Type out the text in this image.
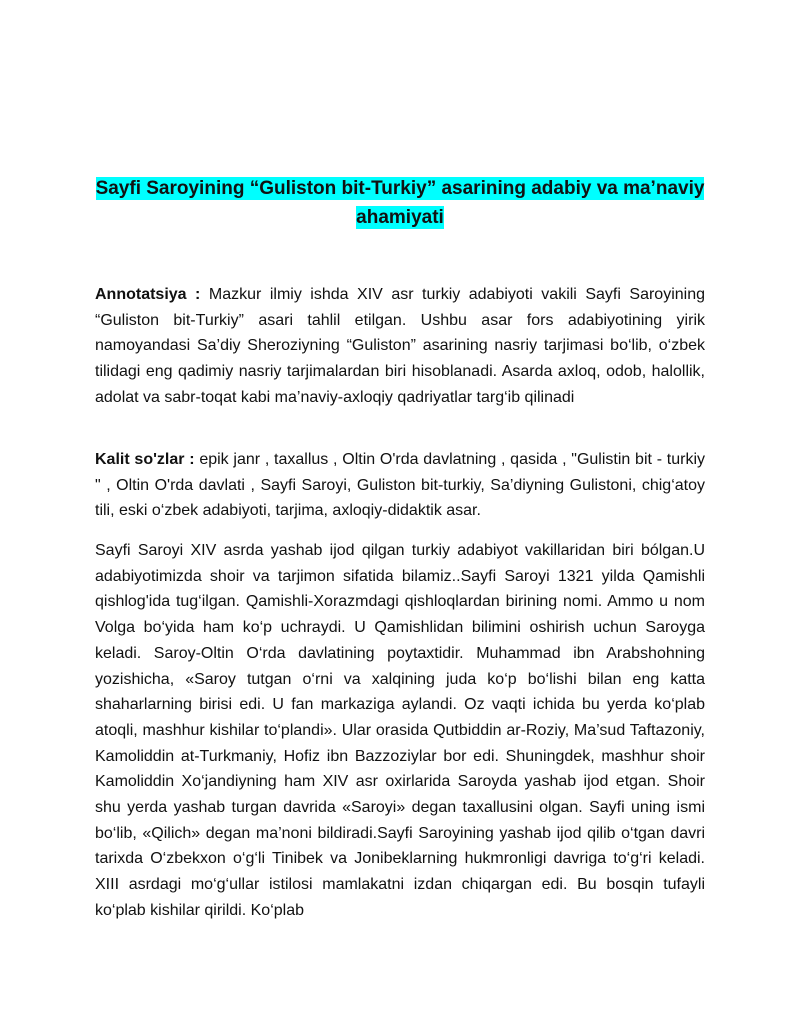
Sayfi Saroyining “Guliston bit-Turkiy” asarining adabiy va ma’naviy ahamiyati

Annotatsiya : Mazkur ilmiy ishda XIV asr turkiy adabiyoti vakili Sayfi Saroyining “Guliston bit-Turkiy” asari tahlil etilgan. Ushbu asar fors adabiyotining yirik namoyandasi Sa’diy Sheroziyning “Guliston” asarining nasriy tarjimasi bo‘lib, o‘zbek tilidagi eng qadimiy nasriy tarjimalardan biri hisoblanadi. Asarda axloq, odob, halollik, adolat va sabr-toqat kabi ma’naviy-axloqiy qadriyatlar targ‘ib qilinadi

Kalit so'zlar : epik janr , taxallus , Oltin O'rda davlatning , qasida , "Gulistin bit - turkiy " , Oltin O'rda davlati , Sayfi Saroyi, Guliston bit-turkiy, Sa’diyning Gulistoni, chig‘atoy tili, eski o‘zbek adabiyoti, tarjima, axloqiy-didaktik asar.

Sayfi Saroyi XIV asrda yashab ijod qilgan turkiy adabiyot vakillaridan biri bólgan.U adabiyotimizda shoir va tarjimon sifatida bilamiz..Sayfi Saroyi 1321 yilda Qamishli qishlog'ida tug‘ilgan. Qamishli-Xorazmdagi qishloqlardan birining nomi. Ammo u nom Volga bo‘yida ham ko‘p uchraydi. U Qamishlidan bilimini oshirish uchun Saroyga keladi. Saroy-Oltin O‘rda davlatining poytaxtidir. Muhammad ibn Arabshohning yozishicha, «Saroy tutgan o‘rni va xalqining juda ko‘p bo‘lishi bilan eng katta shaharlarning birisi edi. U fan markaziga aylandi. Oz vaqti ichida bu yerda ko‘plab atoqli, mashhur kishilar to‘plandi». Ular orasida Qutbiddin ar-Roziy, Ma’sud Taftazoniy, Kamoliddin at-Turkmaniy, Hofiz ibn Bazzoziylar bor edi. Shuningdek, mashhur shoir Kamoliddin Xo‘jandiyning ham XIV asr oxirlarida Saroyda yashab ijod etgan. Shoir shu yerda yashab turgan davrida «Saroyi» degan taxallusini olgan. Sayfi uning ismi bo‘lib, «Qilich» degan ma’noni bildiradi.Sayfi Saroyining yashab ijod qilib o‘tgan davri tarixda O‘zbekxon o‘g‘li Tinibek va Jonibeklarning hukmronligi davriga to‘g‘ri keladi. XIII asrdagi mo‘g‘ullar istilosi mamlakatni izdan chiqargan edi. Bu bosqin tufayli ko‘plab kishilar qirildi. Ko‘plab
